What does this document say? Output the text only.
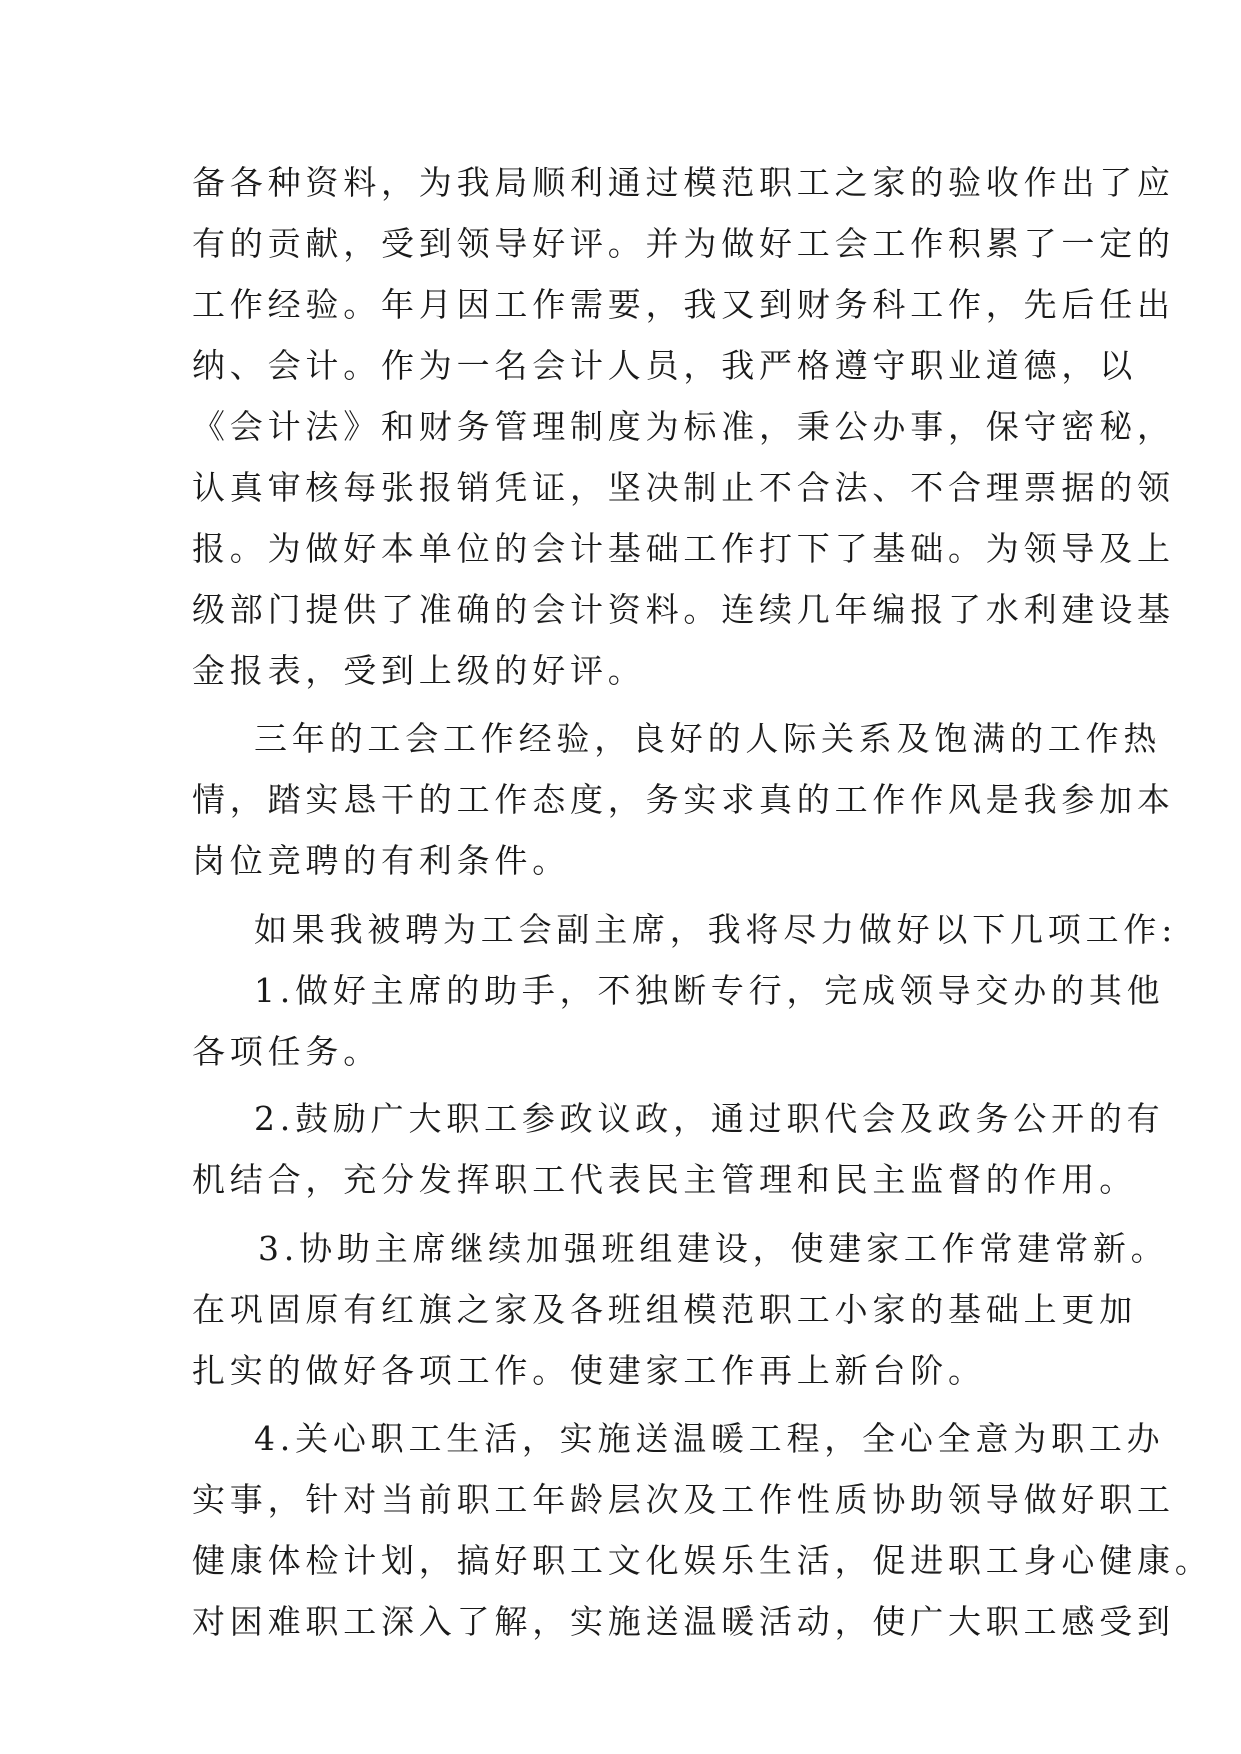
备各种资料，为我局顺利通过模范职工之家的验收作出了应
有的贡献，受到领导好评。并为做好工会工作积累了一定的
工作经验。年月因工作需要，我又到财务科工作，先后任出
纳、会计。作为一名会计人员，我严格遵守职业道德，以
《会计法》和财务管理制度为标准，秉公办事，保守密秘，
认真审核每张报销凭证，坚决制止不合法、不合理票据的领
报。为做好本单位的会计基础工作打下了基础。为领导及上
级部门提供了准确的会计资料。连续几年编报了水利建设基
金报表，受到上级的好评。
三年的工会工作经验，良好的人际关系及饱满的工作热
情，踏实恳干的工作态度，务实求真的工作作风是我参加本
岗位竞聘的有利条件。
如果我被聘为工会副主席，我将尽力做好以下几项工作:
1.做好主席的助手，不独断专行，完成领导交办的其他
各项任务。
2.鼓励广大职工参政议政，通过职代会及政务公开的有
机结合，充分发挥职工代表民主管理和民主监督的作用。
3.协助主席继续加强班组建设，使建家工作常建常新。
在巩固原有红旗之家及各班组模范职工小家的基础上更加
扎实的做好各项工作。使建家工作再上新台阶。
4.关心职工生活，实施送温暖工程，全心全意为职工办
实事，针对当前职工年龄层次及工作性质协助领导做好职工
健康体检计划，搞好职工文化娱乐生活，促进职工身心健康。
对困难职工深入了解，实施送温暖活动，使广大职工感受到
